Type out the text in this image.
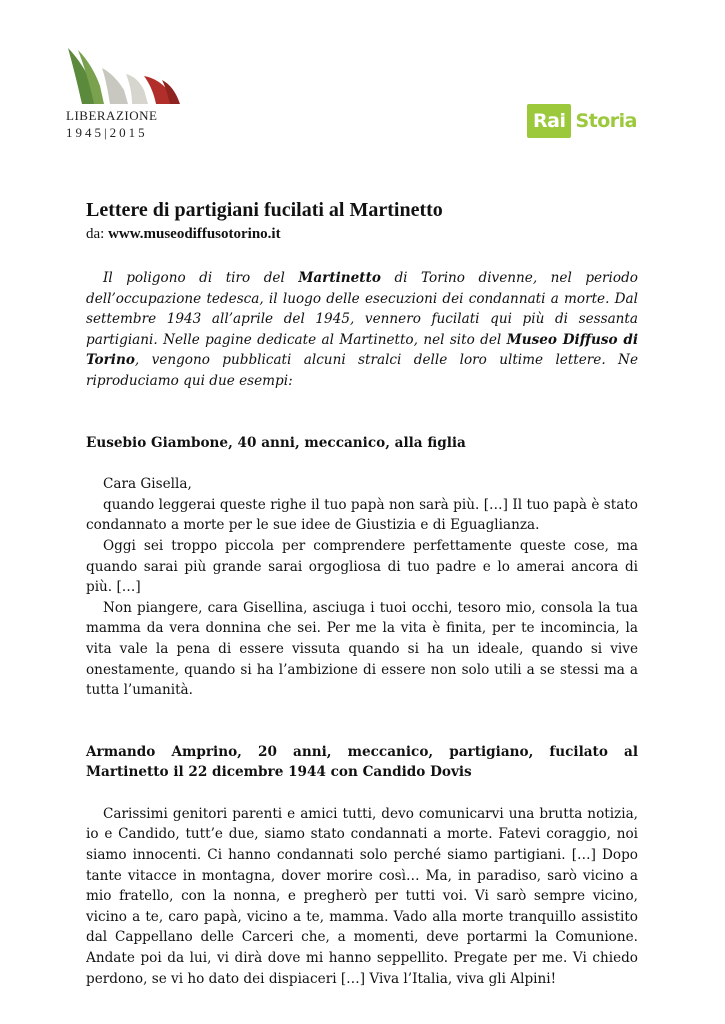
LIBERAZIONE
1945|2015
Rai Storia
Lettere di partigiani fucilati al Martinetto

da: www.museodiffusotorino.it

Il poligono di tiro del Martinetto di Torino divenne, nel periodo dell’occupazione tedesca, il luogo delle esecuzioni dei condannati a morte. Dal settembre 1943 all’aprile del 1945, vennero fucilati qui più di sessanta partigiani. Nelle pagine dedicate al Martinetto, nel sito del Museo Diffuso di Torino, vengono pubblicati alcuni stralci delle loro ultime lettere. Ne riproduciamo qui due esempi:

Eusebio Giambone, 40 anni, meccanico, alla figlia

Cara Gisella,

quando leggerai queste righe il tuo papà non sarà più. […] Il tuo papà è stato condannato a morte per le sue idee de Giustizia e di Eguaglianza.

Oggi sei troppo piccola per comprendere perfettamente queste cose, ma quando sarai più grande sarai orgogliosa di tuo padre e lo amerai ancora di più. […]

Non piangere, cara Gisellina, asciuga i tuoi occhi, tesoro mio, consola la tua mamma da vera donnina che sei. Per me la vita è finita, per te incomincia, la vita vale la pena di essere vissuta quando si ha un ideale, quando si vive onestamente, quando si ha l’ambizione di essere non solo utili a se stessi ma a tutta l’umanità.

Armando Amprino, 20 anni, meccanico, partigiano, fucilato al Martinetto il 22 dicembre 1944 con Candido Dovis

Carissimi genitori parenti e amici tutti, devo comunicarvi una brutta notizia, io e Candido, tutt’e due, siamo stato condannati a morte. Fatevi coraggio, noi siamo innocenti. Ci hanno condannati solo perché siamo partigiani. […] Dopo tante vitacce in montagna, dover morire così… Ma, in paradiso, sarò vicino a mio fratello, con la nonna, e pregherò per tutti voi. Vi sarò sempre vicino, vicino a te, caro papà, vicino a te, mamma. Vado alla morte tranquillo assistito dal Cappellano delle Carceri che, a momenti, deve portarmi la Comunione. Andate poi da lui, vi dirà dove mi hanno seppellito. Pregate per me. Vi chiedo perdono, se vi ho dato dei dispiaceri […] Viva l’Italia, viva gli Alpini!
